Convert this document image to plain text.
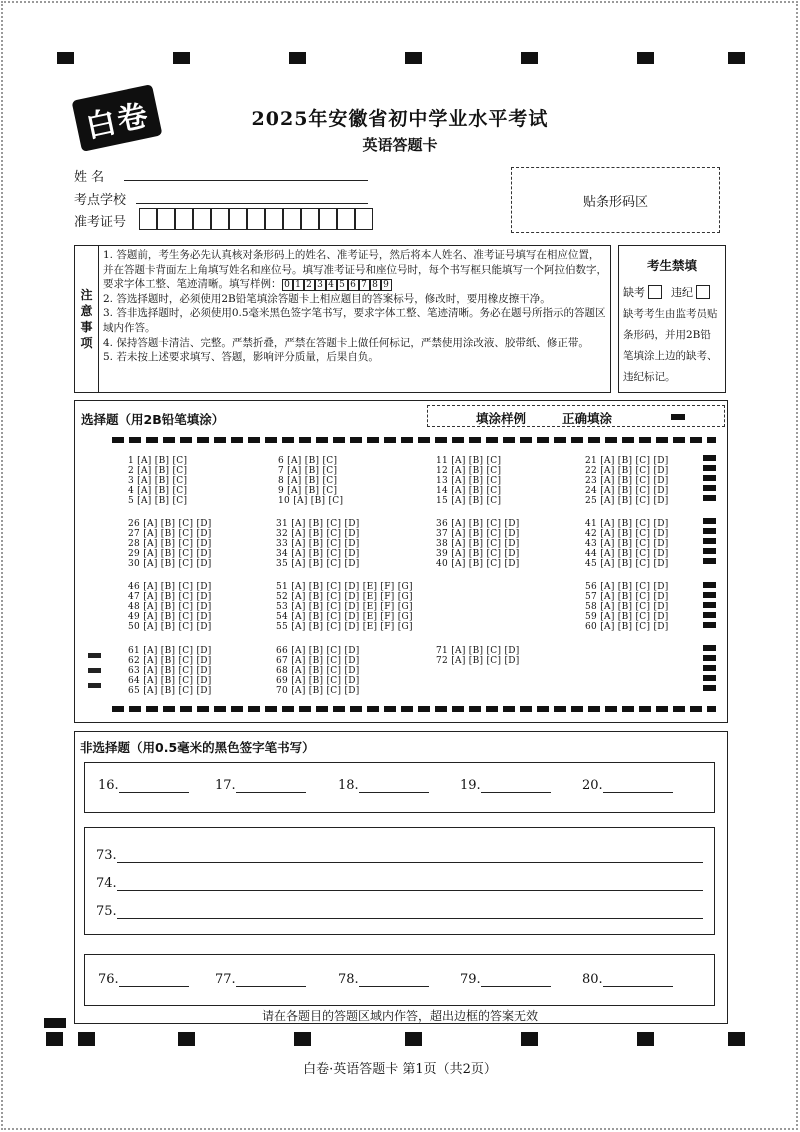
白卷	2025年安徽省初中学业水平考试
英语答题卡
姓 名
考点学校
准考证号
贴条形码区
注
意
事
项
1. 答题前，考生务必先认真核对条形码上的姓名、准考证号，然后将本人姓名、准考证号填写在相应位置，并在答题卡背面左上角填写姓名和座位号。填写准考证号和座位号时，每个书写框只能填写一个阿拉伯数字，要求字体工整、笔迹清晰。填写样例： 0 1 2 3 4 5 6 7 8 9
2. 答选择题时，必须使用2B铅笔填涂答题卡上相应题目的答案标号，修改时，要用橡皮擦干净。
3. 答非选择题时，必须使用0.5毫米黑色签字笔书写，要求字体工整、笔迹清晰。务必在题号所指示的答题区域内作答。
4. 保持答题卡清洁、完整。严禁折叠，严禁在答题卡上做任何标记，严禁使用涂改液、胶带纸、修正带。
5. 若未按上述要求填写、答题，影响评分质量，后果自负。
考生禁填
缺考 违纪
缺考考生由监考员贴条形码，并用2B铅笔填涂上边的缺考、违纪标记。
选择题（用2B铅笔填涂）	填涂样例	正确填涂
1 [A] [B] [C]
2 [A] [B] [C]
3 [A] [B] [C]
4 [A] [B] [C]
5 [A] [B] [C]
6 [A] [B] [C]
7 [A] [B] [C]
8 [A] [B] [C]
9 [A] [B] [C]
10 [A] [B] [C]
11 [A] [B] [C]
12 [A] [B] [C]
13 [A] [B] [C]
14 [A] [B] [C]
15 [A] [B] [C]
21 [A] [B] [C] [D]
22 [A] [B] [C] [D]
23 [A] [B] [C] [D]
24 [A] [B] [C] [D]
25 [A] [B] [C] [D]
26 [A] [B] [C] [D]
27 [A] [B] [C] [D]
28 [A] [B] [C] [D]
29 [A] [B] [C] [D]
30 [A] [B] [C] [D]
31 [A] [B] [C] [D]
32 [A] [B] [C] [D]
33 [A] [B] [C] [D]
34 [A] [B] [C] [D]
35 [A] [B] [C] [D]
36 [A] [B] [C] [D]
37 [A] [B] [C] [D]
38 [A] [B] [C] [D]
39 [A] [B] [C] [D]
40 [A] [B] [C] [D]
41 [A] [B] [C] [D]
42 [A] [B] [C] [D]
43 [A] [B] [C] [D]
44 [A] [B] [C] [D]
45 [A] [B] [C] [D]
46 [A] [B] [C] [D]
47 [A] [B] [C] [D]
48 [A] [B] [C] [D]
49 [A] [B] [C] [D]
50 [A] [B] [C] [D]
51 [A] [B] [C] [D] [E] [F] [G]
52 [A] [B] [C] [D] [E] [F] [G]
53 [A] [B] [C] [D] [E] [F] [G]
54 [A] [B] [C] [D] [E] [F] [G]
55 [A] [B] [C] [D] [E] [F] [G]
56 [A] [B] [C] [D]
57 [A] [B] [C] [D]
58 [A] [B] [C] [D]
59 [A] [B] [C] [D]
60 [A] [B] [C] [D]
61 [A] [B] [C] [D]
62 [A] [B] [C] [D]
63 [A] [B] [C] [D]
64 [A] [B] [C] [D]
65 [A] [B] [C] [D]
66 [A] [B] [C] [D]
67 [A] [B] [C] [D]
68 [A] [B] [C] [D]
69 [A] [B] [C] [D]
70 [A] [B] [C] [D]
71 [A] [B] [C] [D]
72 [A] [B] [C] [D]
非选择题（用0.5毫米的黑色签字笔书写）
16.	17.	18.	19.	20.
73.
74.
75.
76.	77.	78.	79.	80.
请在各题目的答题区域内作答，超出边框的答案无效
白卷·英语答题卡 第1页（共2页）
